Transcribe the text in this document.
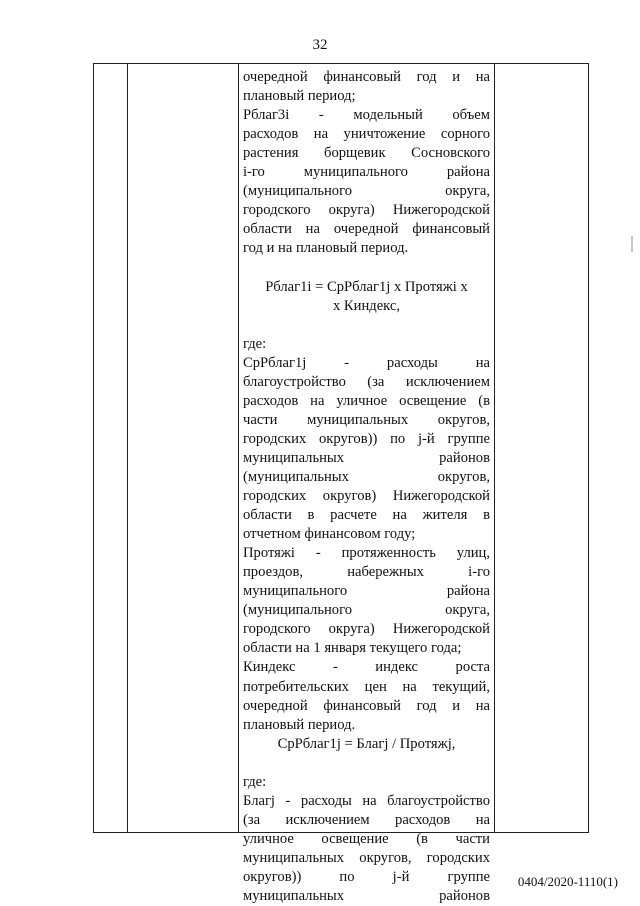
32
очередной финансовый год и на
плановый период;
Рблаг3i - модельный объем
расходов на уничтожение сорного
растения борщевик Сосновского
i-го муниципального района
(муниципального округа,
городского округа) Нижегородской
области на очередной финансовый
год и на плановый период.
Рблаг1i = СрРблаг1j x Протяжi x
x Киндекс,
где:
СрРблаг1j - расходы на
благоустройство (за исключением
расходов на уличное освещение (в
части муниципальных округов,
городских округов)) по j-й группе
муниципальных районов
(муниципальных округов,
городских округов) Нижегородской
области в расчете на жителя в
отчетном финансовом году;
Протяжi - протяженность улиц,
проездов, набережных i-го
муниципального района
(муниципального округа,
городского округа) Нижегородской
области на 1 января текущего года;
Киндекс - индекс роста
потребительских цен на текущий,
очередной финансовый год и на
плановый период.
СрРблаг1j = Благj / Протяжj,
где:
Благj - расходы на благоустройство
(за исключением расходов на
уличное освещение (в части
муниципальных округов, городских
округов)) по j-й группе
муниципальных районов
0404/2020-1110(1)
